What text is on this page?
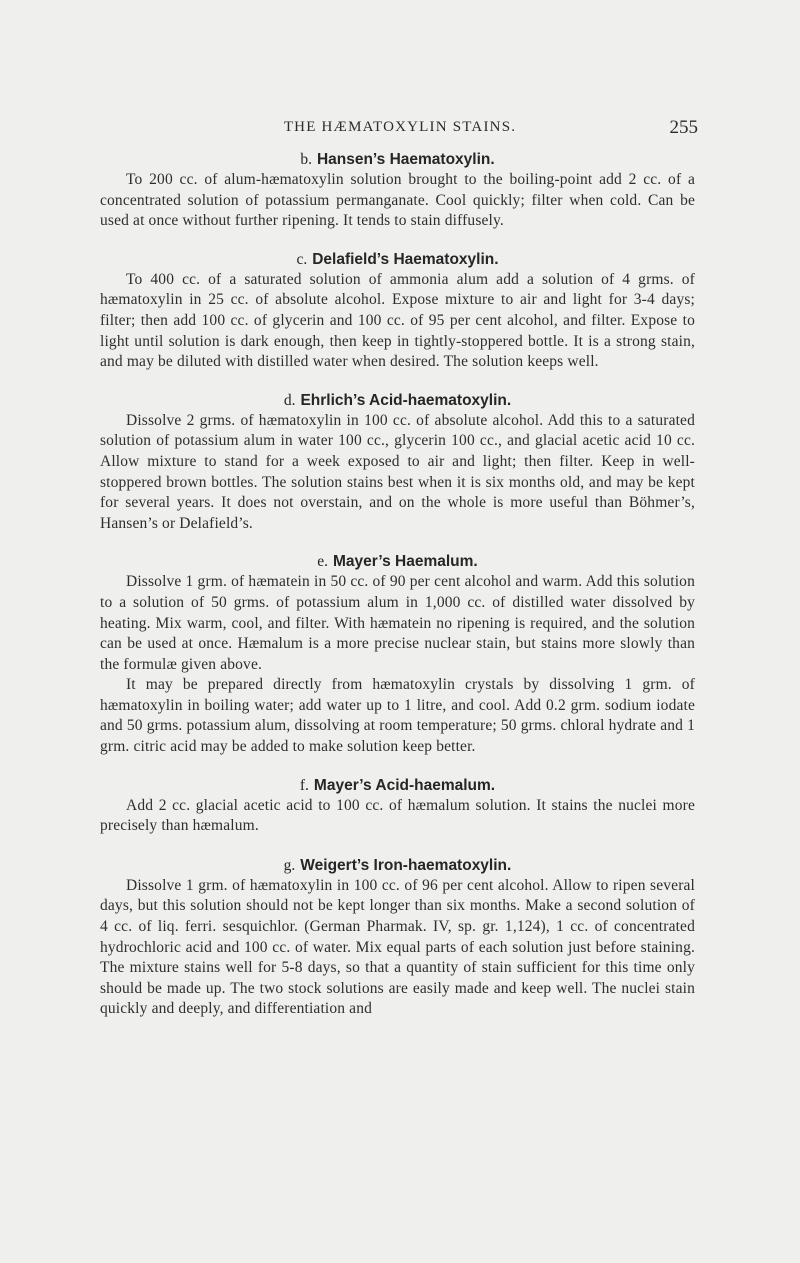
THE HÆMATOXYLIN STAINS.	255
b. Hansen’s Haematoxylin.

To 200 cc. of alum-hæmatoxylin solution brought to the boiling-point add 2 cc. of a concentrated solution of potassium permanganate. Cool quickly; filter when cold. Can be used at once without further ripening. It tends to stain diffusely.

c. Delafield’s Haematoxylin.

To 400 cc. of a saturated solution of ammonia alum add a solution of 4 grms. of hæmatoxylin in 25 cc. of absolute alcohol. Expose mixture to air and light for 3-4 days; filter; then add 100 cc. of glycerin and 100 cc. of 95 per cent alcohol, and filter. Expose to light until solution is dark enough, then keep in tightly-stoppered bottle. It is a strong stain, and may be diluted with distilled water when desired. The solution keeps well.

d. Ehrlich’s Acid-haematoxylin.

Dissolve 2 grms. of hæmatoxylin in 100 cc. of absolute alcohol. Add this to a saturated solution of potassium alum in water 100 cc., glycerin 100 cc., and glacial acetic acid 10 cc. Allow mixture to stand for a week exposed to air and light; then filter. Keep in well-stoppered brown bottles. The solution stains best when it is six months old, and may be kept for several years. It does not overstain, and on the whole is more useful than Böhmer’s, Hansen’s or Delafield’s.

e. Mayer’s Haemalum.

Dissolve 1 grm. of hæmatein in 50 cc. of 90 per cent alcohol and warm. Add this solution to a solution of 50 grms. of potassium alum in 1,000 cc. of distilled water dissolved by heating. Mix warm, cool, and filter. With hæmatein no ripening is required, and the solution can be used at once. Hæmalum is a more precise nuclear stain, but stains more slowly than the formulæ given above.

It may be prepared directly from hæmatoxylin crystals by dissolving 1 grm. of hæmatoxylin in boiling water; add water up to 1 litre, and cool. Add 0.2 grm. sodium iodate and 50 grms. potassium alum, dissolving at room temperature; 50 grms. chloral hydrate and 1 grm. citric acid may be added to make solution keep better.

f. Mayer’s Acid-haemalum.

Add 2 cc. glacial acetic acid to 100 cc. of hæmalum solution. It stains the nuclei more precisely than hæmalum.

g. Weigert’s Iron-haematoxylin.

Dissolve 1 grm. of hæmatoxylin in 100 cc. of 96 per cent alcohol. Allow to ripen several days, but this solution should not be kept longer than six months. Make a second solution of 4 cc. of liq. ferri. sesquichlor. (German Pharmak. IV, sp. gr. 1,124), 1 cc. of concentrated hydrochloric acid and 100 cc. of water. Mix equal parts of each solution just before staining. The mixture stains well for 5-8 days, so that a quantity of stain sufficient for this time only should be made up. The two stock solutions are easily made and keep well. The nuclei stain quickly and deeply, and differentiation and
